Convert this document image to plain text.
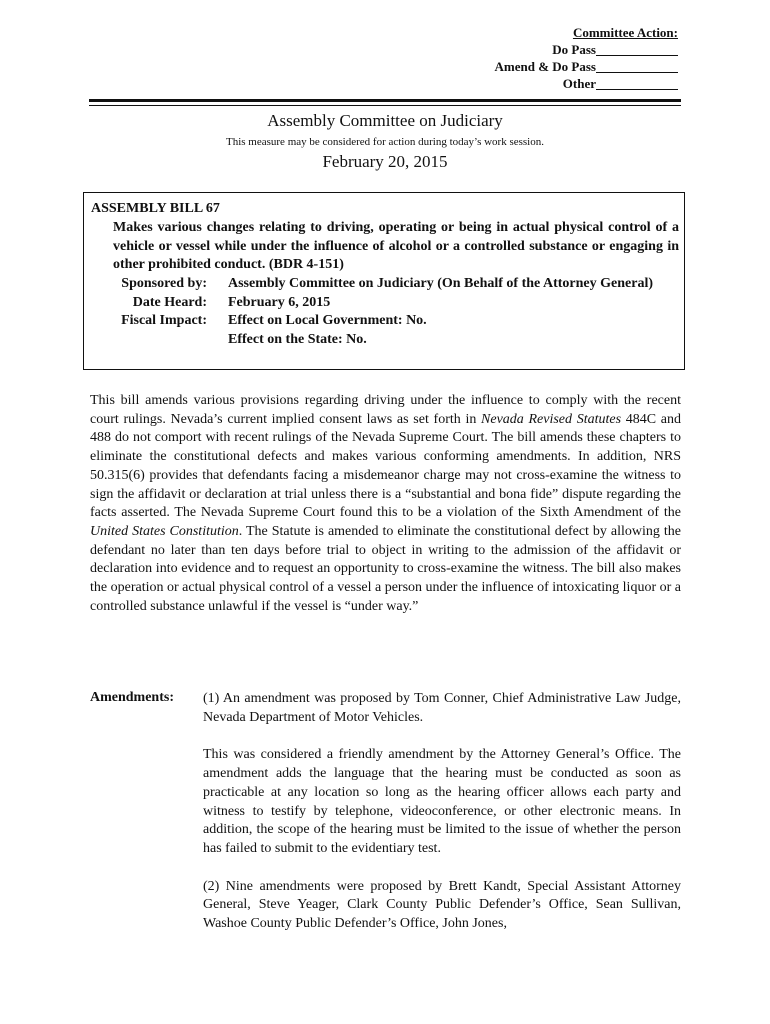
Committee Action:
Do Pass
Amend & Do Pass
Other
Assembly Committee on Judiciary
This measure may be considered for action during today’s work session.
February 20, 2015
ASSEMBLY BILL 67
Makes various changes relating to driving, operating or being in actual physical control of a vehicle or vessel while under the influence of alcohol or a controlled substance or engaging in other prohibited conduct. (BDR 4-151)
Sponsored by:	Assembly Committee on Judiciary (On Behalf of the Attorney General)
Date Heard:	February 6, 2015
Fiscal Impact:	Effect on Local Government: No.
Effect on the State: No.
This bill amends various provisions regarding driving under the influence to comply with the recent court rulings. Nevada’s current implied consent laws as set forth in Nevada Revised Statutes 484C and 488 do not comport with recent rulings of the Nevada Supreme Court. The bill amends these chapters to eliminate the constitutional defects and makes various conforming amendments. In addition, NRS 50.315(6) provides that defendants facing a misdemeanor charge may not cross-examine the witness to sign the affidavit or declaration at trial unless there is a “substantial and bona fide” dispute regarding the facts asserted. The Nevada Supreme Court found this to be a violation of the Sixth Amendment of the United States Constitution. The Statute is amended to eliminate the constitutional defect by allowing the defendant no later than ten days before trial to object in writing to the admission of the affidavit or declaration into evidence and to request an opportunity to cross-examine the witness. The bill also makes the operation or actual physical control of a vessel a person under the influence of intoxicating liquor or a controlled substance unlawful if the vessel is “under way.”
Amendments: (1) An amendment was proposed by Tom Conner, Chief Administrative Law Judge, Nevada Department of Motor Vehicles.

This was considered a friendly amendment by the Attorney General’s Office. The amendment adds the language that the hearing must be conducted as soon as practicable at any location so long as the hearing officer allows each party and witness to testify by telephone, videoconference, or other electronic means. In addition, the scope of the hearing must be limited to the issue of whether the person has failed to submit to the evidentiary test.

(2) Nine amendments were proposed by Brett Kandt, Special Assistant Attorney General, Steve Yeager, Clark County Public Defender’s Office, Sean Sullivan, Washoe County Public Defender’s Office, John Jones,
